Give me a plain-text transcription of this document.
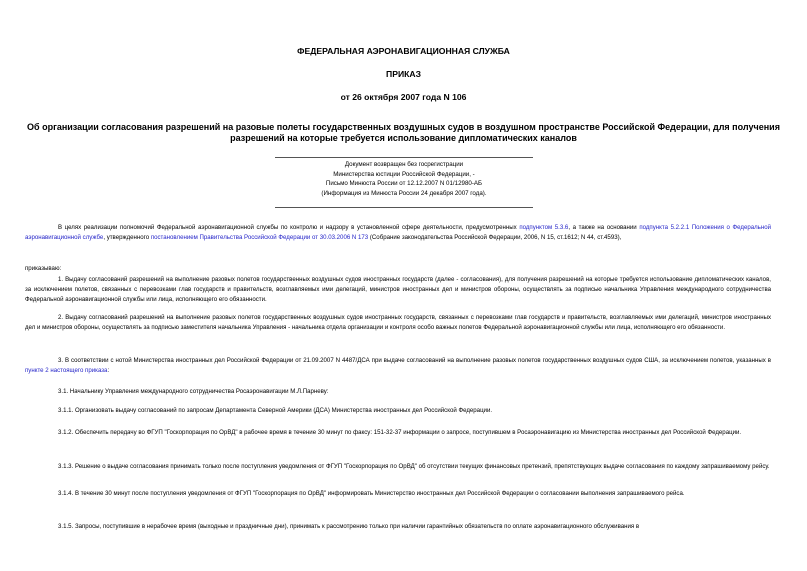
ФЕДЕРАЛЬНАЯ АЭРОНАВИГАЦИОННАЯ СЛУЖБА
ПРИКАЗ
от 26 октября 2007 года N 106
Об организации согласования разрешений на разовые полеты государственных воздушных судов в воздушном пространстве Российской Федерации, для получения разрешений на которые требуется использование дипломатических каналов
Документ возвращен без госрегистрации
Министерства юстиции Российской Федерации, -
Письмо Минюста России от 12.12.2007 N 01/12980-АБ
(Информация из Минюста России 24 декабря 2007 года).
В целях реализации полномочий Федеральной аэронавигационной службы по контролю и надзору в установленной сфере деятельности, предусмотренных подпунктом 5.3.6, а также на основании подпункта 5.2.2.1 Положения о Федеральной аэронавигационной службе, утвержденного постановлением Правительства Российской Федерации от 30.03.2006 N 173 (Собрание законодательства Российской Федерации, 2006, N 15, ст.1612; N 44, ст.4593),
приказываю:
1. Выдачу согласований разрешений на выполнение разовых полетов государственных воздушных судов иностранных государств (далее - согласования), для получения разрешений на которые требуется использование дипломатических каналов, за исключением полетов, связанных с перевозками глав государств и правительств, возглавляемых ими делегаций, министров иностранных дел и министров обороны, осуществлять за подписью начальника Управления международного сотрудничества Федеральной аэронавигационной службы или лица, исполняющего его обязанности.
2. Выдачу согласований разрешений на выполнение разовых полетов государственных воздушных судов иностранных государств, связанных с перевозками глав государств и правительств, возглавляемых ими делегаций, министров иностранных дел и министров обороны, осуществлять за подписью заместителя начальника Управления - начальника отдела организации и контроля особо важных полетов Федеральной аэронавигационной службы или лица, исполняющего его обязанности.
3. В соответствии с нотой Министерства иностранных дел Российской Федерации от 21.09.2007 N 4487/ДСА при выдаче согласований на выполнение разовых полетов государственных воздушных судов США, за исключением полетов, указанных в пункте 2 настоящего приказа:
3.1. Начальнику Управления международного сотрудничества Росаэронавигации М.Л.Парневу:
3.1.1. Организовать выдачу согласований по запросам Департамента Северной Америки (ДСА) Министерства иностранных дел Российской Федерации.
3.1.2. Обеспечить передачу во ФГУП "Госкорпорация по ОрВД" в рабочее время в течение 30 минут по факсу: 151-32-37 информации о запросе, поступившем в Росаэронавигацию из Министерства иностранных дел Российской Федерации.
3.1.3. Решение о выдаче согласования принимать только после поступления уведомления от ФГУП "Госкорпорация по ОрВД" об отсутствии текущих финансовых претензий, препятствующих выдаче согласования по каждому запрашиваемому рейсу.
3.1.4. В течение 30 минут после поступления уведомления от ФГУП "Госкорпорация по ОрВД" информировать Министерство иностранных дел Российской Федерации о согласовании выполнения запрашиваемого рейса.
3.1.5. Запросы, поступившие в нерабочее время (выходные и праздничные дни), принимать к рассмотрению только при наличии гарантийных обязательств по оплате аэронавигационного обслуживания в
